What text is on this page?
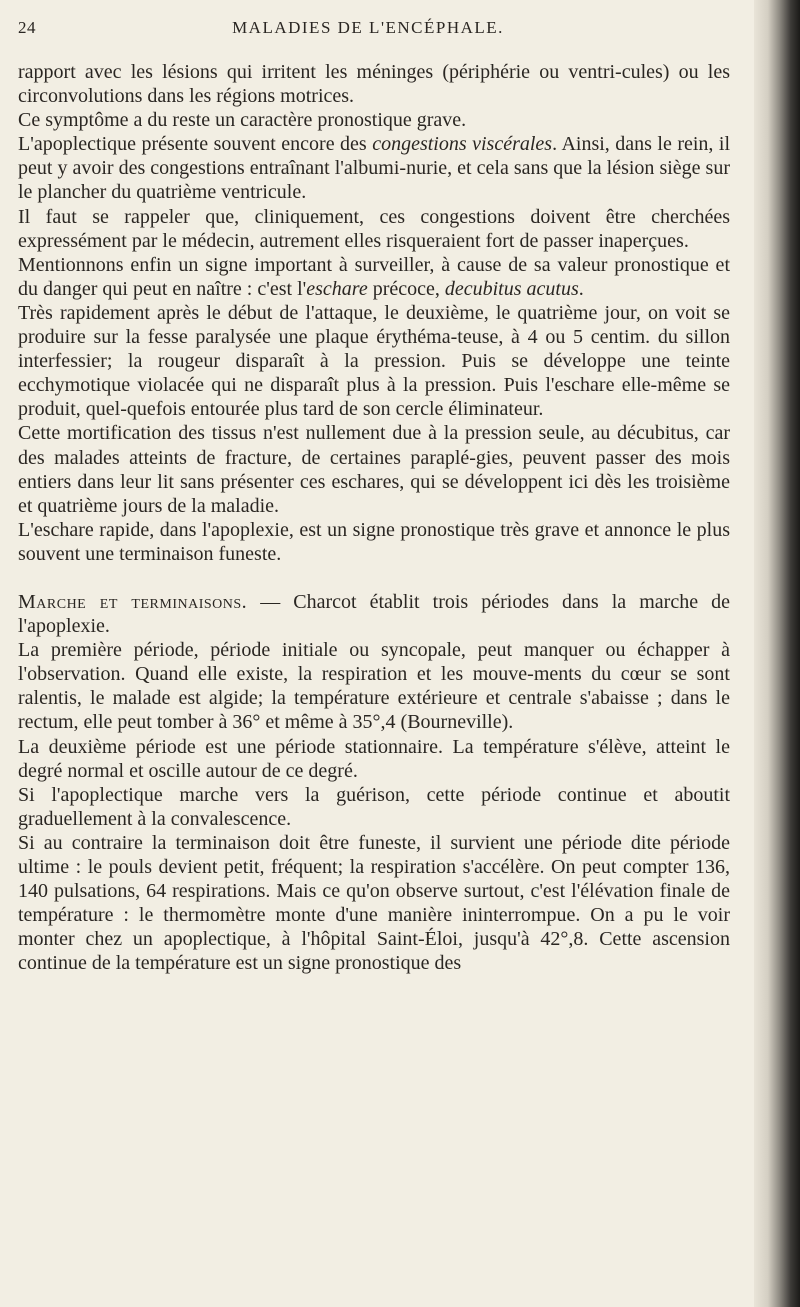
24	MALADIES DE L'ENCÉPHALE.

rapport avec les lésions qui irritent les méninges (périphérie ou ventri-cules) ou les circonvolutions dans les régions motrices.

Ce symptôme a du reste un caractère pronostique grave.

L'apoplectique présente souvent encore des congestions viscérales. Ainsi, dans le rein, il peut y avoir des congestions entraînant l'albumi-nurie, et cela sans que la lésion siège sur le plancher du quatrième ventricule.

Il faut se rappeler que, cliniquement, ces congestions doivent être cherchées expressément par le médecin, autrement elles risqueraient fort de passer inaperçues.

Mentionnons enfin un signe important à surveiller, à cause de sa valeur pronostique et du danger qui peut en naître : c'est l'eschare précoce, decubitus acutus.

Très rapidement après le début de l'attaque, le deuxième, le quatrième jour, on voit se produire sur la fesse paralysée une plaque érythéma-teuse, à 4 ou 5 centim. du sillon interfessier; la rougeur disparaît à la pression. Puis se développe une teinte ecchymotique violacée qui ne disparaît plus à la pression. Puis l'eschare elle-même se produit, quel-quefois entourée plus tard de son cercle éliminateur.

Cette mortification des tissus n'est nullement due à la pression seule, au décubitus, car des malades atteints de fracture, de certaines paraplé-gies, peuvent passer des mois entiers dans leur lit sans présenter ces eschares, qui se développent ici dès les troisième et quatrième jours de la maladie.

L'eschare rapide, dans l'apoplexie, est un signe pronostique très grave et annonce le plus souvent une terminaison funeste.

Marche et terminaisons. — Charcot établit trois périodes dans la marche de l'apoplexie.

La première période, période initiale ou syncopale, peut manquer ou échapper à l'observation. Quand elle existe, la respiration et les mouve-ments du cœur se sont ralentis, le malade est algide; la température extérieure et centrale s'abaisse ; dans le rectum, elle peut tomber à 36° et même à 35°,4 (Bourneville).

La deuxième période est une période stationnaire. La température s'élève, atteint le degré normal et oscille autour de ce degré.

Si l'apoplectique marche vers la guérison, cette période continue et aboutit graduellement à la convalescence.

Si au contraire la terminaison doit être funeste, il survient une période dite période ultime : le pouls devient petit, fréquent; la respiration s'accélère. On peut compter 136, 140 pulsations, 64 respirations. Mais ce qu'on observe surtout, c'est l'élévation finale de température : le thermomètre monte d'une manière ininterrompue. On a pu le voir monter chez un apoplectique, à l'hôpital Saint-Éloi, jusqu'à 42°,8. Cette ascension continue de la température est un signe pronostique des
